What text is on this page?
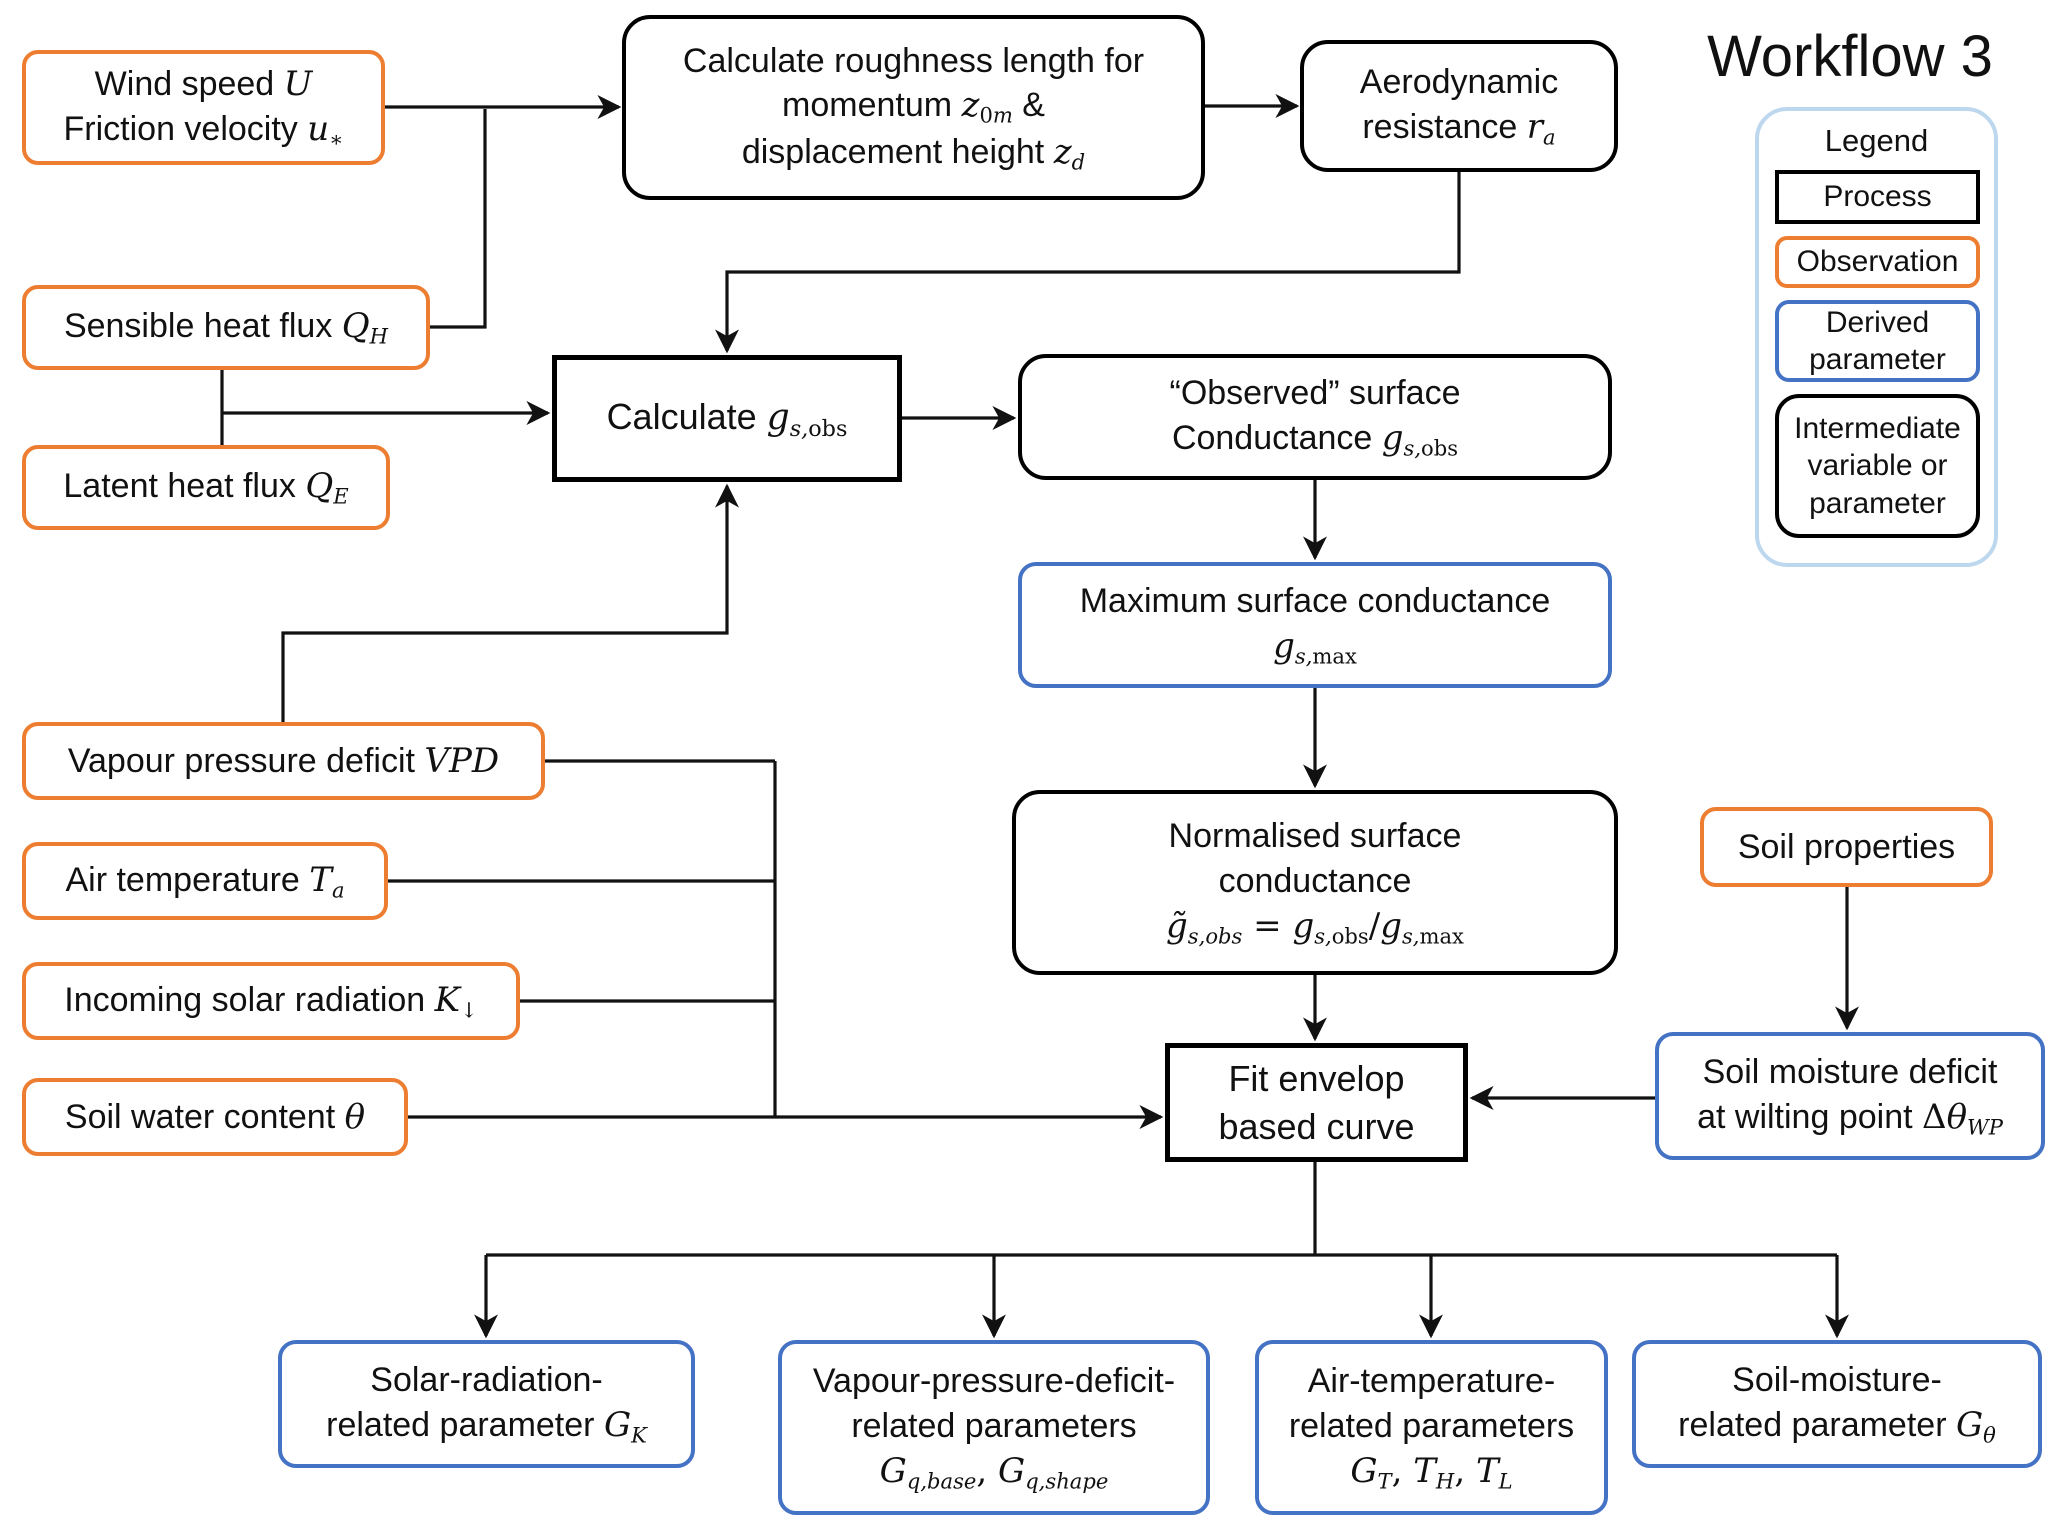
Workflow 3
Legend
Process
Observation
Derived parameter
Intermediate variable or parameter
Wind speed U
Friction velocity u∗
Sensible heat flux QH
Latent heat flux QE
Calculate roughness length for
momentum z0m &
displacement height zd
Aerodynamic
resistance ra
Calculate gs,obs
“Observed” surface
Conductance gs,obs
Maximum surface conductance
gs,max
Normalised surface
conductance
g̃s,obs = gs,obs/gs,max
Fit envelop
based curve
Soil properties
Soil moisture deficit
at wilting point ΔθWP
Vapour pressure deficit VPD
Air temperature Ta
Incoming solar radiation K↓
Soil water content θ
Solar-radiation-
related parameter GK
Vapour-pressure-deficit-
related parameters
Gq,base, Gq,shape
Air-temperature-
related parameters
GT, TH, TL
Soil-moisture-
related parameter Gθ
